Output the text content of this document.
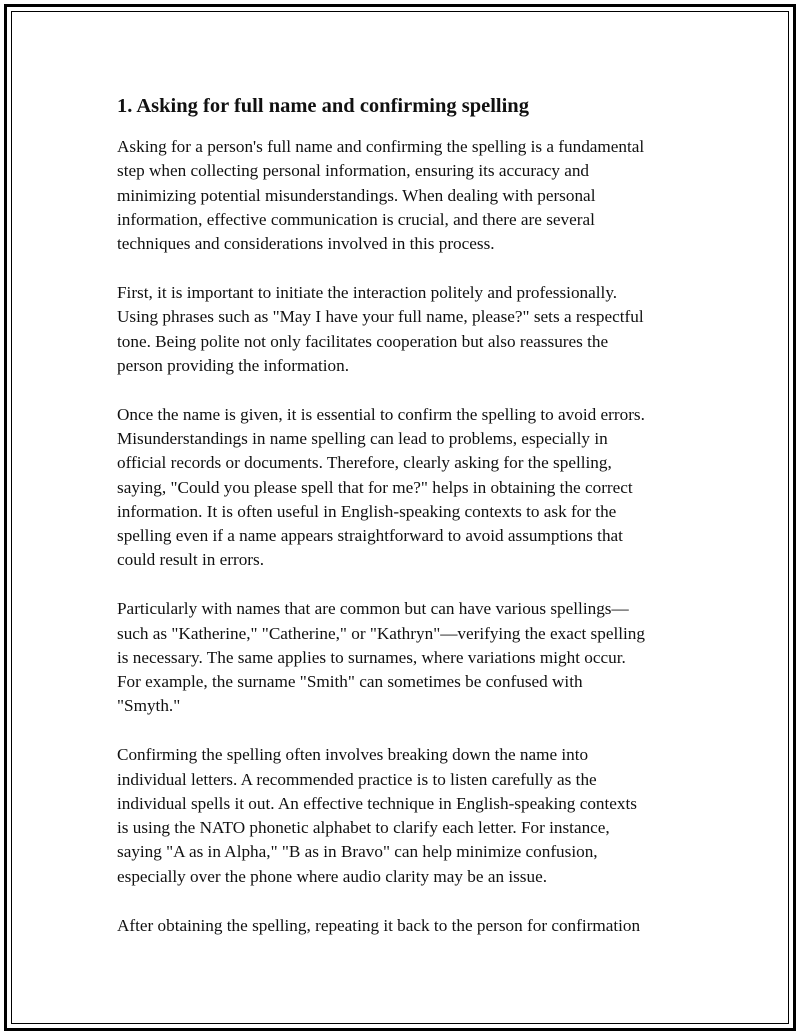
1. Asking for full name and confirming spelling

Asking for a person's full name and confirming the spelling is a fundamental
step when collecting personal information, ensuring its accuracy and
minimizing potential misunderstandings. When dealing with personal
information, effective communication is crucial, and there are several
techniques and considerations involved in this process.

First, it is important to initiate the interaction politely and professionally.
Using phrases such as "May I have your full name, please?" sets a respectful
tone. Being polite not only facilitates cooperation but also reassures the
person providing the information.

Once the name is given, it is essential to confirm the spelling to avoid errors.
Misunderstandings in name spelling can lead to problems, especially in
official records or documents. Therefore, clearly asking for the spelling,
saying, "Could you please spell that for me?" helps in obtaining the correct
information. It is often useful in English-speaking contexts to ask for the
spelling even if a name appears straightforward to avoid assumptions that
could result in errors.

Particularly with names that are common but can have various spellings—
such as "Katherine," "Catherine," or "Kathryn"—verifying the exact spelling
is necessary. The same applies to surnames, where variations might occur.
For example, the surname "Smith" can sometimes be confused with
"Smyth."

Confirming the spelling often involves breaking down the name into
individual letters. A recommended practice is to listen carefully as the
individual spells it out. An effective technique in English-speaking contexts
is using the NATO phonetic alphabet to clarify each letter. For instance,
saying "A as in Alpha," "B as in Bravo" can help minimize confusion,
especially over the phone where audio clarity may be an issue.

After obtaining the spelling, repeating it back to the person for confirmation
